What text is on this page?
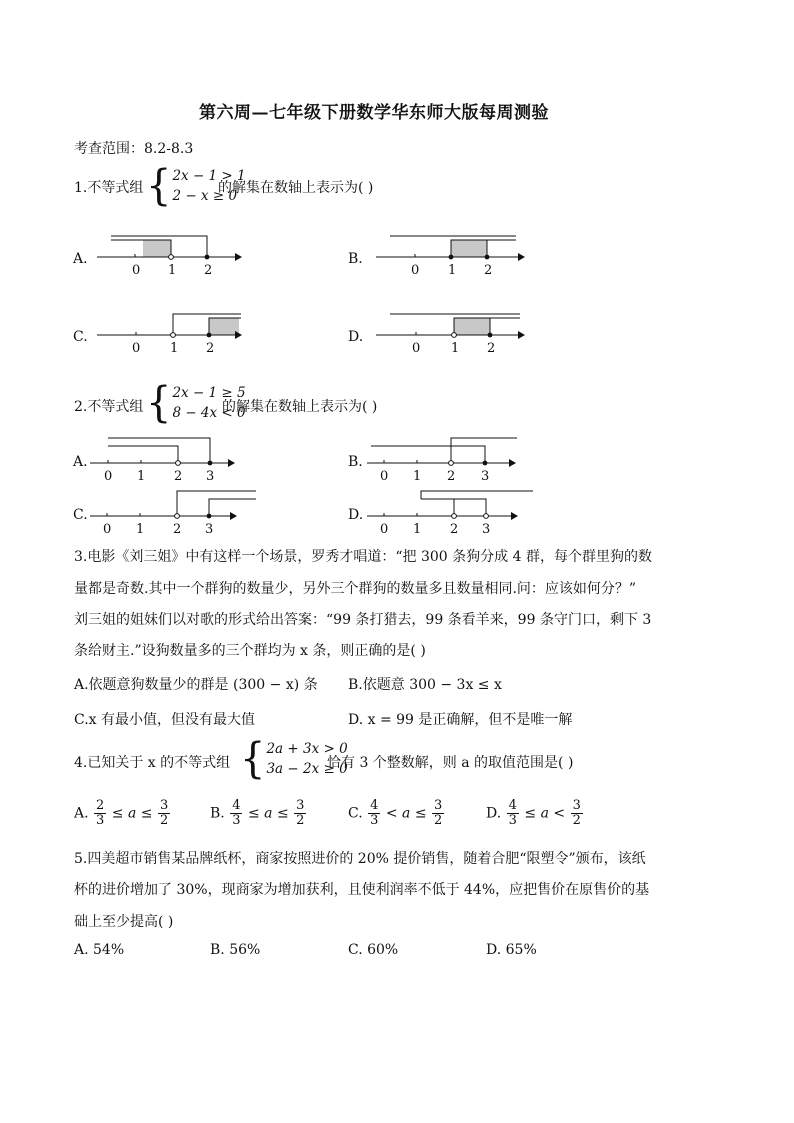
第六周—七年级下册数学华东师大版每周测验
考查范围：8.2-8.3
1.不等式组 { 2x − 1 > 1
2 − x ≥ 0
的解集在数轴上表示为( )
A.	B.
C.	D.
0 1 2	0 1 2
0 1 2	0 1 2
2.不等式组 { 2x − 1 ≥ 5
8 − 4x < 0
的解集在数轴上表示为( )
A.	B.
C.	D.
0 1 2 3	0 1 2 3
0 1 2 3	0 1 2 3
3.电影《刘三姐》中有这样一个场景，罗秀才唱道：“把 300 条狗分成 4 群，每个群里狗的数
量都是奇数.其中一个群狗的数量少，另外三个群狗的数量多且数量相同.问：应该如何分？”
刘三姐的姐妹们以对歌的形式给出答案：“99 条打猎去，99 条看羊来，99 条守门口，剩下 3
条给财主.”设狗数量多的三个群均为 x 条，则正确的是( )
A.依题意狗数量少的群是 (300 − x) 条 B.依题意 300 − 3x ≤ x
C.x 有最小值，但没有最大值	D. x = 99 是正确解，但不是唯一解
4.已知关于 x 的不等式组 { 2a + 3x > 0
3a − 2x ≥ 0
恰有 3 个整数解，则 a 的取值范围是( )
A. $\frac{2}{3} \le a \le \frac{3}{2}$	B. $\frac{4}{3} \le a \le \frac{3}{2}$	C. $\frac{4}{3} < a \le \frac{3}{2}$	D. $\frac{4}{3} \le a < \frac{3}{2}$
5.四美超市销售某品牌纸杯，商家按照进价的 20% 提价销售，随着合肥“限塑令”颁布，该纸
杯的进价增加了 30%，现商家为增加获利，且使利润率不低于 44%，应把售价在原售价的基
础上至少提高( )
A. 54%	B. 56%	C. 60%	D. 65%
